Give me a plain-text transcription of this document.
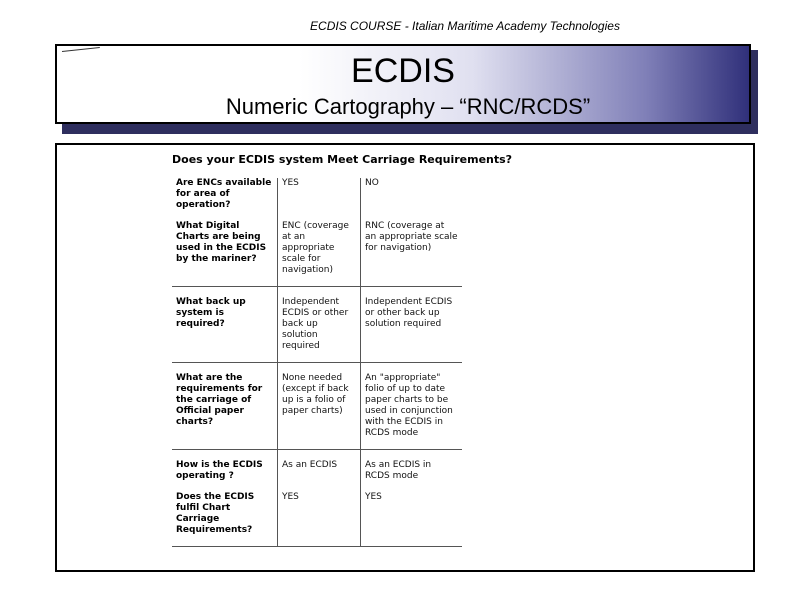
ECDIS COURSE - Italian Maritime Academy Technologies
ECDIS
Numeric Cartography – “RNC/RCDS”
Does your ECDIS system Meet Carriage Requirements?
Are ENCs available for area of operation?	YES	NO
What Digital Charts are being used in the ECDIS by the mariner?	ENC (coverage at an appropriate scale for navigation)	RNC (coverage at an appropriate scale for navigation)
What back up system is required?	Independent ECDIS or other back up solution required	Independent ECDIS or other back up solution required
What are the requirements for the carriage of Official paper charts?	None needed (except if back up is a folio of paper charts)	An "appropriate" folio of up to date paper charts to be used in conjunction with the ECDIS in RCDS mode
How is the ECDIS operating ?	As an ECDIS	As an ECDIS in RCDS mode
Does the ECDIS fulfil Chart Carriage Requirements?	YES	YES
